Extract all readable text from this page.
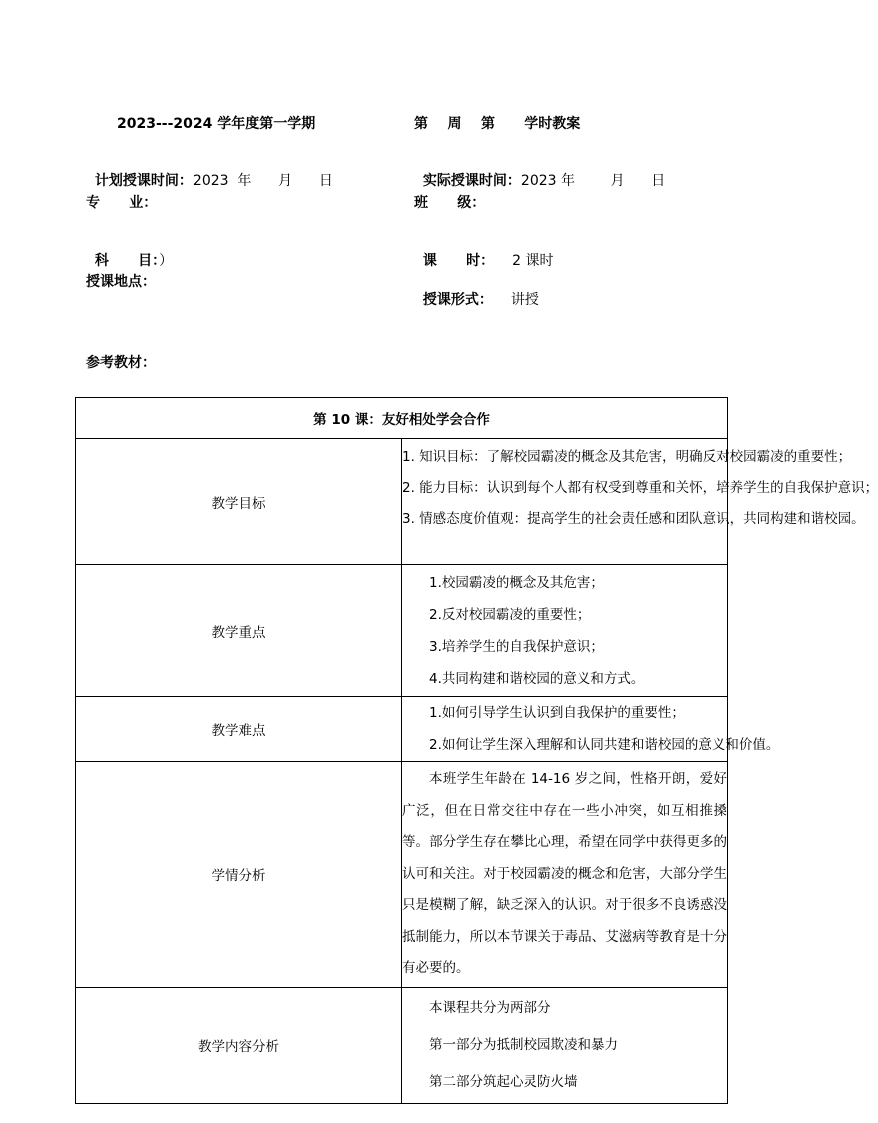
2023---2024 学年度第一学期	第    周    第      学时教案

计划授课时间：2023  年      月      日	实际授课时间：2023 年        月      日

专      业：	班      级：

科      目：）	课      时： 2 课时

授课地点：

授课形式： 讲授

参考教材：
第 10 课：友好相处学会合作	
教学目标	1. 知识目标：了解校园霸凌的概念及其危害，明确反对校园霸凌的重要性；
2. 能力目标：认识到每个人都有权受到尊重和关怀，培养学生的自我保护意识；
3. 情感态度价值观：提高学生的社会责任感和团队意识，共同构建和谐校园。

教学重点	1.校园霸凌的概念及其危害；
2.反对校园霸凌的重要性；
3.培养学生的自我保护意识；
4.共同构建和谐校园的意义和方式。

教学难点	1.如何引导学生认识到自我保护的重要性；
2.如何让学生深入理解和认同共建和谐校园的意义和价值。

学情分析	本班学生年龄在 14-16 岁之间，性格开朗，爱好广泛，但在日常交往中存在一些小冲突，如互相推搡等。部分学生存在攀比心理，希望在同学中获得更多的认可和关注。对于校园霸凌的概念和危害，大部分学生只是模糊了解，缺乏深入的认识。对于很多不良诱惑没抵制能力，所以本节课关于毒品、艾滋病等教育是十分有必要的。

教学内容分析	本课程共分为两部分
第一部分为抵制校园欺凌和暴力
第二部分筑起心灵防火墙
